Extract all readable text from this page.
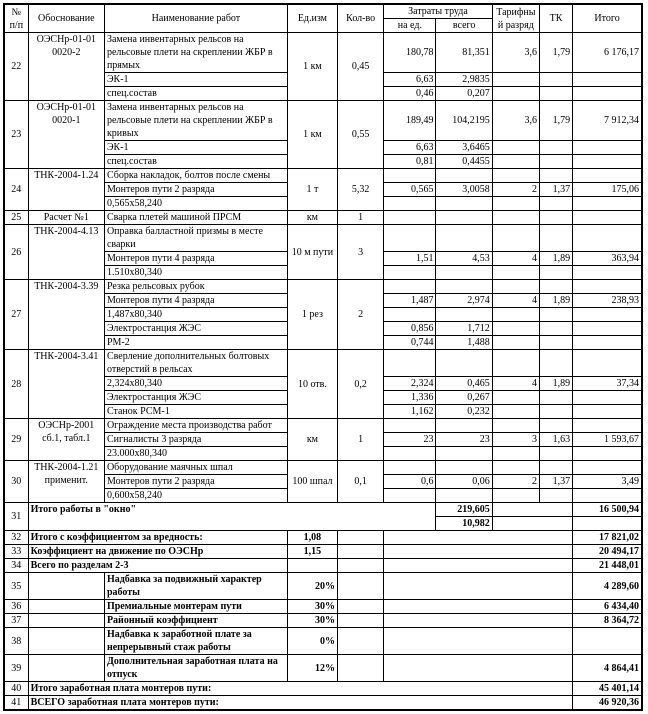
№ п/п	Обоснование	Наименование работ	Ед.изм	Кол-во	Затраты труда		Тарифный разряд	ТК	Итого
					на ед.	всего			
22	ОЭСНр-01-01 0020-2	Замена инвентарных рельсов на рельсовые плети на скреплении ЖБР в прямых	1 км	0,45	180,78	81,351	3,6	1,79	6 176,17
		ЭК-1			6,63	2,9835			
		спец.состав			0,46	0,207			
23	ОЭСНр-01-01 0020-1	Замена инвентарных рельсов на рельсовые плети на скреплении ЖБР в кривых	1 км	0,55	189,49	104,2195	3,6	1,79	7 912,34
		ЭК-1			6,63	3,6465			
		спец.состав			0,81	0,4455			
24	ТНК-2004-1.24	Сборка накладок, болтов после смены	1 т	5,32					
		Монтеров пути 2 разряда			0,565	3,0058	2	1,37	175,06
		0,565х58,240							
25	Расчет №1	Сварка плетей машиной ПРСМ	км	1					
26	ТНК-2004-4.13	Оправка балластной призмы в месте сварки	10 м пути	3					
		Монтеров пути 4 разряда			1,51	4,53	4	1,89	363,94
		1.510х80,340							
27	ТНК-2004-3.39	Резка рельсовых рубок	1 рез	2					
		Монтеров пути 4 разряда			1,487	2,974	4	1,89	238,93
		1,487х80,340							
		Электростанция ЖЭС			0,856	1,712			
		РМ-2			0,744	1,488			
28	ТНК-2004-3.41	Сверление дополнительных болтовых отверстий в рельсах	10 отв.	0,2					
		2,324х80,340			2,324	0,465	4	1,89	37,34
		Электростанция ЖЭС			1,336	0,267			
		Станок РСМ-1			1,162	0,232			
29	ОЭСНр-2001 сб.1, табл.1	Ограждение места производства работ	км	1					
		Сигналисты 3 разряда			23	23	3	1,63	1 593,67
		23.000х80,340							
30	ТНК-2004-1.21 применит.	Оборудование маячных шпал	100 шпал	0,1					
		Монтеров пути 2 разряда			0,6	0,06	2	1,37	3,49
		0,600х58,240							
31	Итого работы в "окно"					219,605			16 500,94
						10,982			
32	Итого с коэффициентом за вредность:		1,08						17 821,02
33	Коэффициент на движение по ОЭСНр		1,15						20 494,17
34	Всего по разделам 2-3								21 448,01
35		Надбавка за подвижный характер работы	20%						4 289,60
36		Премиальные монтерам пути	30%						6 434,40
37		Районный коэффициент	30%						8 364,72
38		Надбавка к заработной плате за непрерывный стаж работы	0%						
39		Дополнительная заработная плата на отпуск	12%						4 864,41
40	Итого заработная плата монтеров пути:								45 401,14
41	ВСЕГО заработная плата монтеров пути:								46 920,36
